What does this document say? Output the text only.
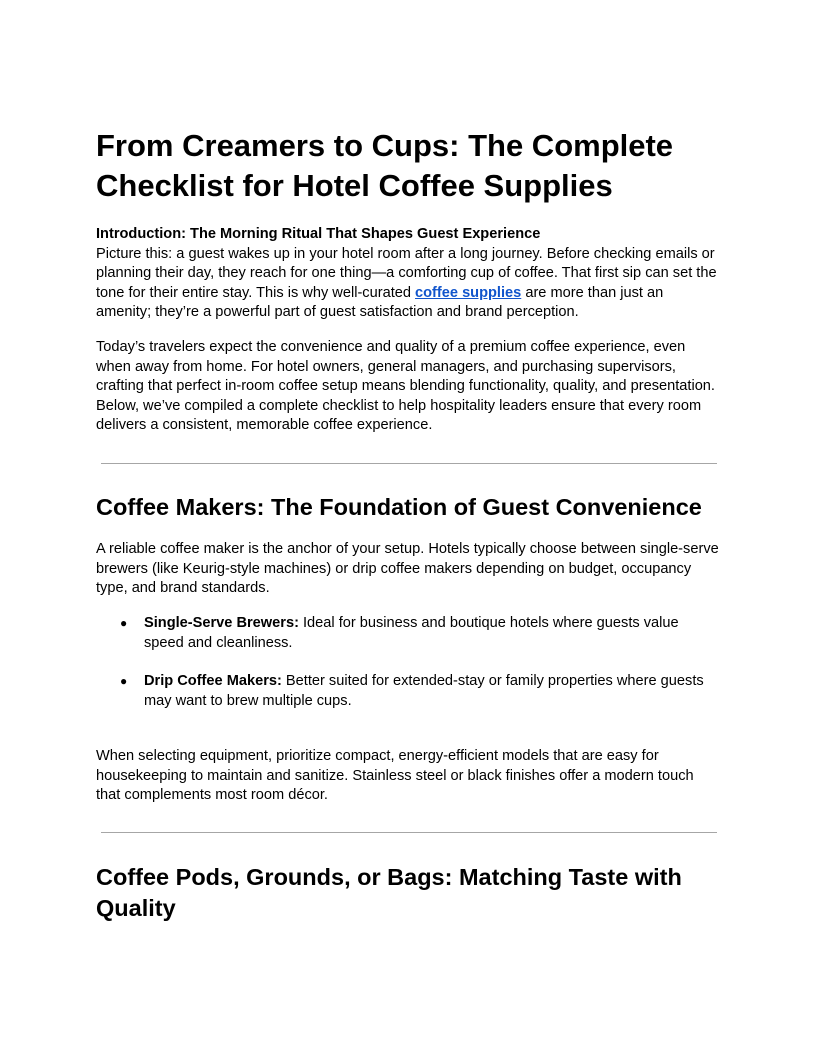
From Creamers to Cups: The Complete Checklist for Hotel Coffee Supplies

Introduction: The Morning Ritual That Shapes Guest Experience
Picture this: a guest wakes up in your hotel room after a long journey. Before checking emails or planning their day, they reach for one thing—a comforting cup of coffee. That first sip can set the tone for their entire stay. This is why well-curated coffee supplies are more than just an amenity; they’re a powerful part of guest satisfaction and brand perception.

Today’s travelers expect the convenience and quality of a premium coffee experience, even when away from home. For hotel owners, general managers, and purchasing supervisors, crafting that perfect in-room coffee setup means blending functionality, quality, and presentation. Below, we’ve compiled a complete checklist to help hospitality leaders ensure that every room delivers a consistent, memorable coffee experience.

Coffee Makers: The Foundation of Guest Convenience

A reliable coffee maker is the anchor of your setup. Hotels typically choose between single-serve brewers (like Keurig-style machines) or drip coffee makers depending on budget, occupancy type, and brand standards.

● Single-Serve Brewers: Ideal for business and boutique hotels where guests value speed and cleanliness.
● Drip Coffee Makers: Better suited for extended-stay or family properties where guests may want to brew multiple cups.

When selecting equipment, prioritize compact, energy-efficient models that are easy for housekeeping to maintain and sanitize. Stainless steel or black finishes offer a modern touch that complements most room décor.

Coffee Pods, Grounds, or Bags: Matching Taste with Quality
